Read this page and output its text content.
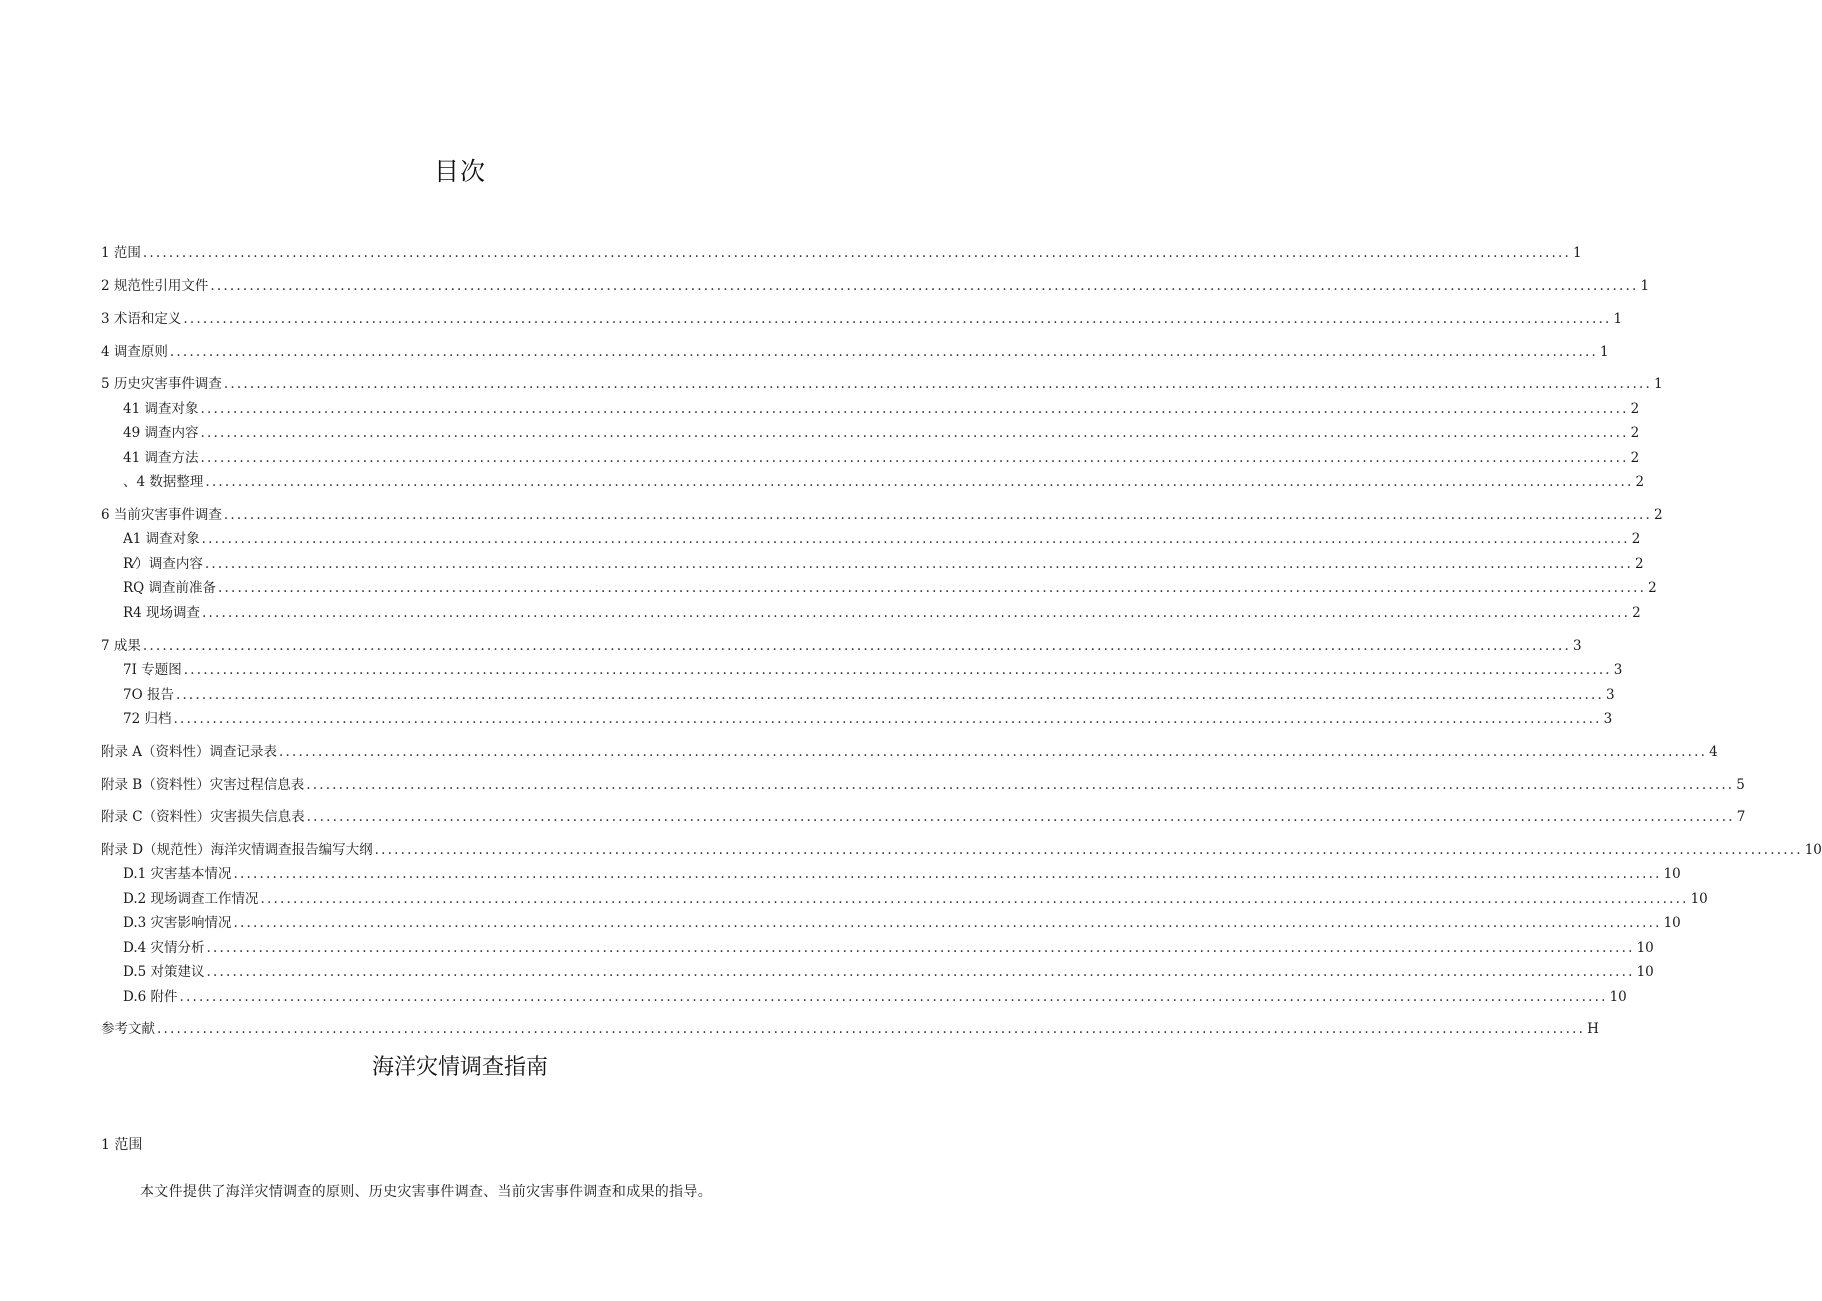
目次
1 范围 ............................................................................................................................................................................................................................ 1
2 规范性引用文件 ............................................................................................................................................................................................................................ 1
3 术语和定义 ............................................................................................................................................................................................................................ 1
4 调查原则 ............................................................................................................................................................................................................................ 1
5 历史灾害事件调查 ............................................................................................................................................................................................................................ 1
41 调查对象 ............................................................................................................................................................................................................................ 2
49 调查内容 ............................................................................................................................................................................................................................ 2
41 调查方法 ............................................................................................................................................................................................................................ 2
、4 数据整理 ............................................................................................................................................................................................................................ 2
6 当前灾害事件调查 ............................................................................................................................................................................................................................ 2
A1 调查对象 ............................................................................................................................................................................................................................ 2
R⁄）调查内容 ............................................................................................................................................................................................................................ 2
RQ 调查前准备 ............................................................................................................................................................................................................................ 2
R4 现场调查 ............................................................................................................................................................................................................................ 2
7 成果 ............................................................................................................................................................................................................................ 3
7I 专题图 ............................................................................................................................................................................................................................ 3
7O 报告 ............................................................................................................................................................................................................................ 3
72 归档 ............................................................................................................................................................................................................................ 3
附录 A（资料性）调查记录表 ............................................................................................................................................................................................................................ 4
附录 B（资料性）灾害过程信息表 ............................................................................................................................................................................................................................ 5
附录 C（资料性）灾害损失信息表 ............................................................................................................................................................................................................................ 7
附录 D（规范性）海洋灾情调查报告编写大纲 ............................................................................................................................................................................................................................ 10
D.1 灾害基本情况 ............................................................................................................................................................................................................................ 10
D.2 现场调查工作情况 ............................................................................................................................................................................................................................ 10
D.3 灾害影响情况 ............................................................................................................................................................................................................................ 10
D.4 灾情分析 ............................................................................................................................................................................................................................ 10
D.5 对策建议 ............................................................................................................................................................................................................................ 10
D.6 附件 ............................................................................................................................................................................................................................ 10
参考文献 ............................................................................................................................................................................................................................ H
海洋灾情调查指南
1 范围
本文件提供了海洋灾情调查的原则、历史灾害事件调查、当前灾害事件调查和成果的指导。
